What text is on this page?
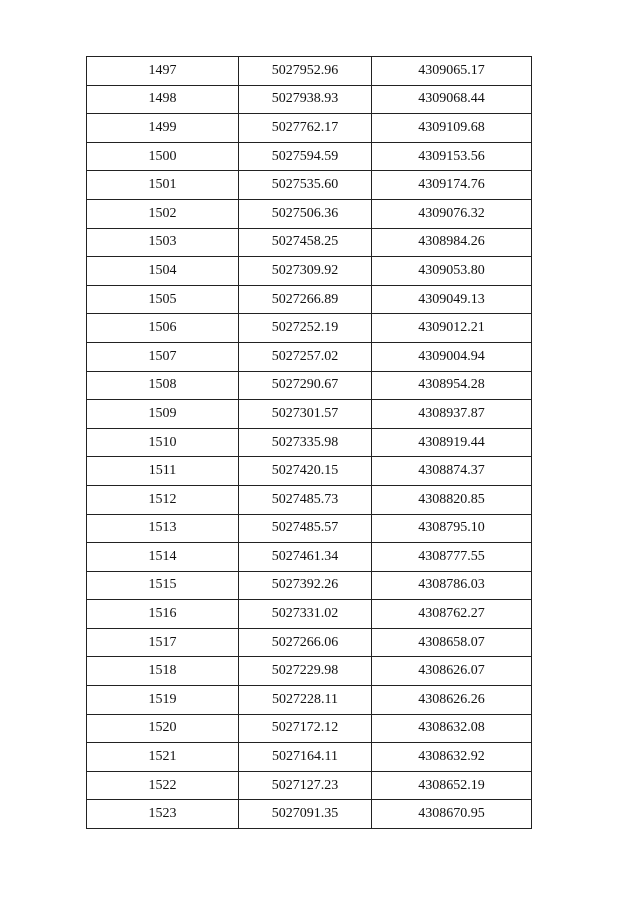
1497	5027952.96	4309065.17
1498	5027938.93	4309068.44
1499	5027762.17	4309109.68
1500	5027594.59	4309153.56
1501	5027535.60	4309174.76
1502	5027506.36	4309076.32
1503	5027458.25	4308984.26
1504	5027309.92	4309053.80
1505	5027266.89	4309049.13
1506	5027252.19	4309012.21
1507	5027257.02	4309004.94
1508	5027290.67	4308954.28
1509	5027301.57	4308937.87
1510	5027335.98	4308919.44
1511	5027420.15	4308874.37
1512	5027485.73	4308820.85
1513	5027485.57	4308795.10
1514	5027461.34	4308777.55
1515	5027392.26	4308786.03
1516	5027331.02	4308762.27
1517	5027266.06	4308658.07
1518	5027229.98	4308626.07
1519	5027228.11	4308626.26
1520	5027172.12	4308632.08
1521	5027164.11	4308632.92
1522	5027127.23	4308652.19
1523	5027091.35	4308670.95
